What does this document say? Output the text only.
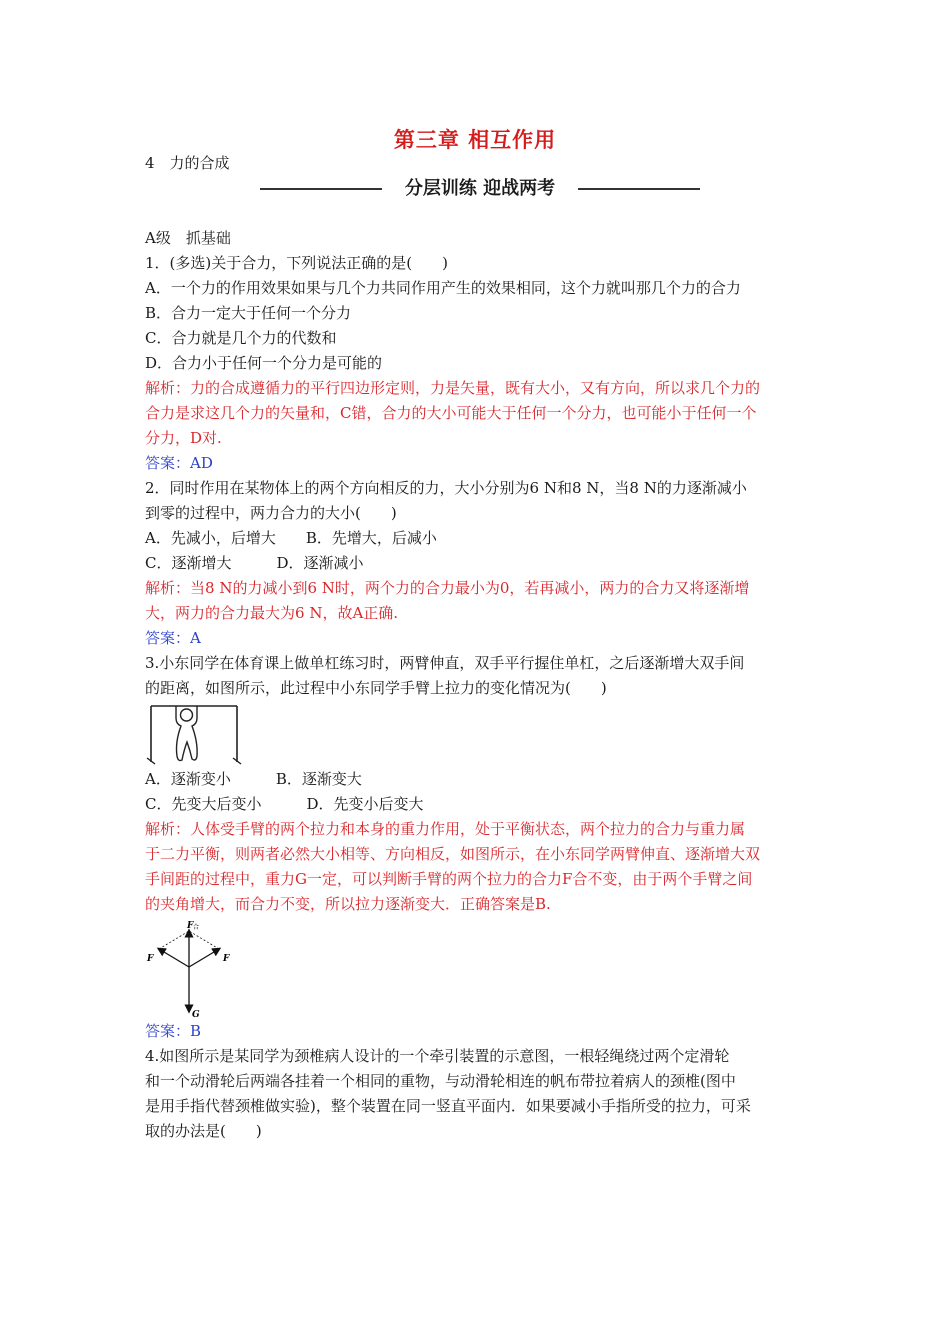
第三章 相互作用
4　力的合成
分层训练 迎战两考
A级　抓基础
1．(多选)关于合力，下列说法正确的是(　　)
A．一个力的作用效果如果与几个力共同作用产生的效果相同，这个力就叫那几个力的合力
B．合力一定大于任何一个分力
C．合力就是几个力的代数和
D．合力小于任何一个分力是可能的
解析：力的合成遵循力的平行四边形定则，力是矢量，既有大小，又有方向，所以求几个力的
合力是求这几个力的矢量和，C错，合力的大小可能大于任何一个分力，也可能小于任何一个
分力，D对.
答案：AD
2．同时作用在某物体上的两个方向相反的力，大小分别为6 N和8 N，当8 N的力逐渐减小
到零的过程中，两力合力的大小(　　)
A．先减小，后增大　　B．先增大，后减小
C．逐渐增大　　　D．逐渐减小
解析：当8 N的力减小到6 N时，两个力的合力最小为0，若再减小，两力的合力又将逐渐增
大，两力的合力最大为6 N，故A正确.
答案：A
3.小东同学在体育课上做单杠练习时，两臂伸直，双手平行握住单杠，之后逐渐增大双手间
的距离，如图所示，此过程中小东同学手臂上拉力的变化情况为(　　)
A．逐渐变小　　　B．逐渐变大
C．先变大后变小　　　D．先变小后变大
解析：人体受手臂的两个拉力和本身的重力作用，处于平衡状态，两个拉力的合力与重力属
于二力平衡，则两者必然大小相等、方向相反，如图所示，在小东同学两臂伸直、逐渐增大双
手间距的过程中，重力G一定，可以判断手臂的两个拉力的合力F合不变，由于两个手臂之间
的夹角增大，而合力不变，所以拉力逐渐变大．正确答案是B.
F 合
F	F
G
答案：B
4.如图所示是某同学为颈椎病人设计的一个牵引装置的示意图，一根轻绳绕过两个定滑轮
和一个动滑轮后两端各挂着一个相同的重物，与动滑轮相连的帆布带拉着病人的颈椎(图中
是用手指代替颈椎做实验)，整个装置在同一竖直平面内．如果要减小手指所受的拉力，可采
取的办法是(　　)
